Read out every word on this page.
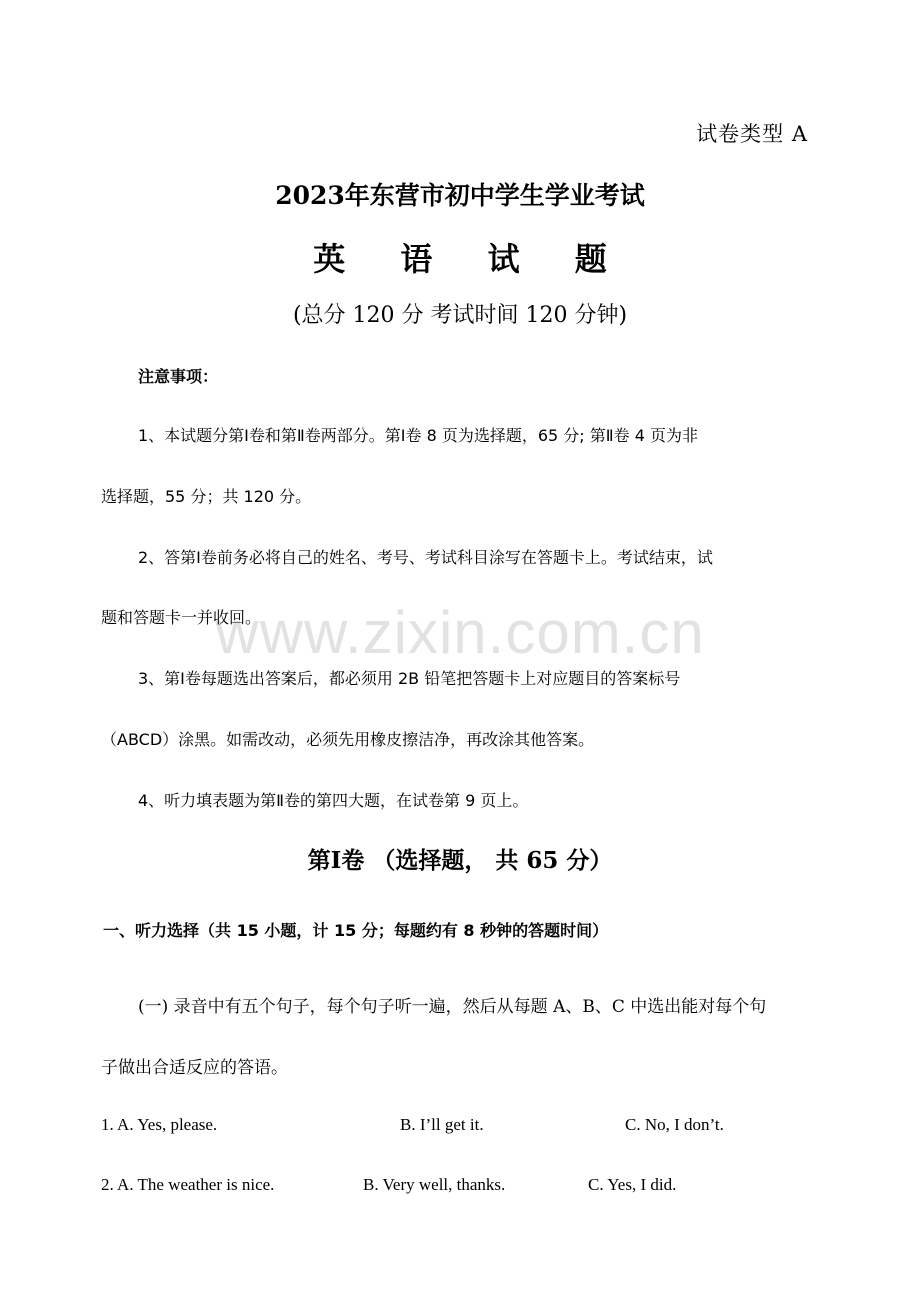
www.zixin.com.cn
试卷类型 A
2023年东营市初中学生学业考试
英 语 试 题
(总分 120 分 考试时间 120 分钟)
注意事项：
1、本试题分第Ⅰ卷和第Ⅱ卷两部分。第Ⅰ卷 8 页为选择题，65 分; 第Ⅱ卷 4 页为非
选择题，55 分；共 120 分。
2、答第Ⅰ卷前务必将自己的姓名、考号、考试科目涂写在答题卡上。考试结束，试
题和答题卡一并收回。
3、第Ⅰ卷每题选出答案后，都必须用 2B 铅笔把答题卡上对应题目的答案标号
（ABCD）涂黑。如需改动，必须先用橡皮擦洁净，再改涂其他答案。
4、听力填表题为第Ⅱ卷的第四大题，在试卷第 9 页上。
第Ⅰ卷 （选择题， 共 65 分）
一、听力选择（共 15 小题，计 15 分；每题约有 8 秒钟的答题时间）
(一) 录音中有五个句子，每个句子听一遍，然后从每题 A、B、C 中选出能对每个句
子做出合适反应的答语。
1. A. Yes, please.	B. I’ll get it.	C. No, I don’t.
2. A. The weather is nice.	B. Very well, thanks.	C. Yes, I did.
